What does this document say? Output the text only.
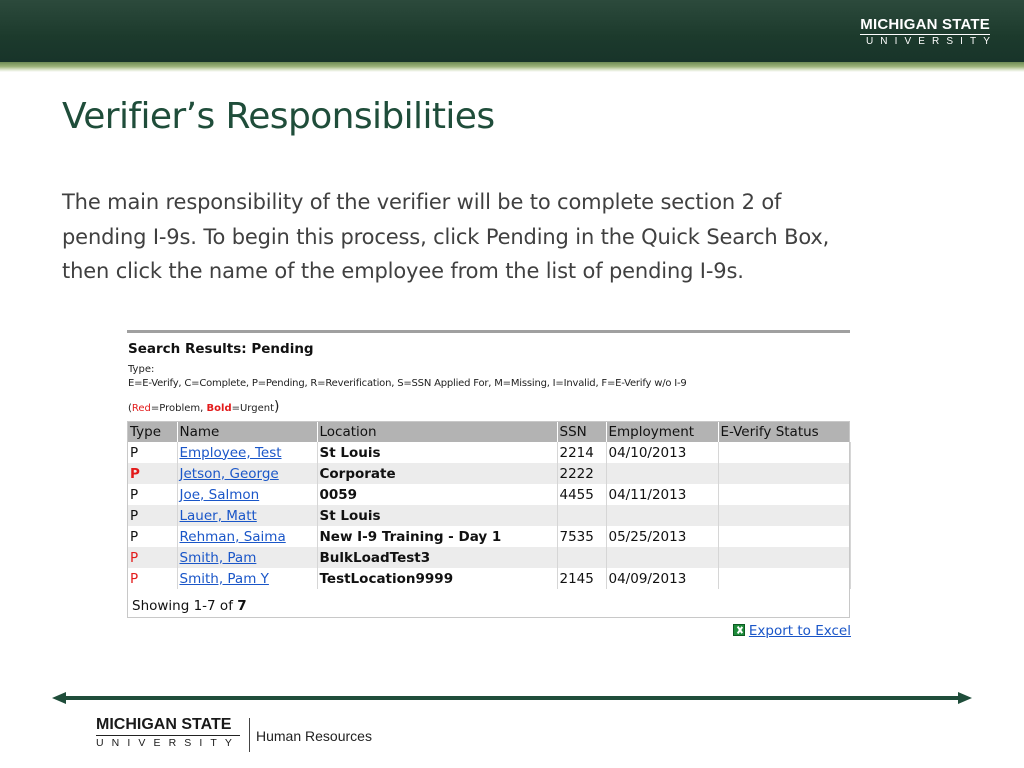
MICHIGAN STATE
UNIVERSITY
Verifier’s Responsibilities
The main responsibility of the verifier will be to complete section 2 of
pending I-9s. To begin this process, click Pending in the Quick Search Box,
then click the name of the employee from the list of pending I-9s.
Search Results: Pending
Type:
E=E-Verify, C=Complete, P=Pending, R=Reverification, S=SSN Applied For, M=Missing, I=Invalid, F=E-Verify w/o I-9
(Red=Problem, Bold=Urgent)
Type	Name	Location	SSN	Employment	E-Verify Status
P	Employee, Test	St Louis	2214	04/10/2013	
P	Jetson, George	Corporate	2222		
P	Joe, Salmon	0059	4455	04/11/2013	
P	Lauer, Matt	St Louis			
P	Rehman, Saima	New I-9 Training - Day 1	7535	05/25/2013	
P	Smith, Pam	BulkLoadTest3			
P	Smith, Pam Y	TestLocation9999	2145	04/09/2013	
Showing 1-7 of 7
Export to Excel
MICHIGAN STATE
UNIVERSITY Human Resources
